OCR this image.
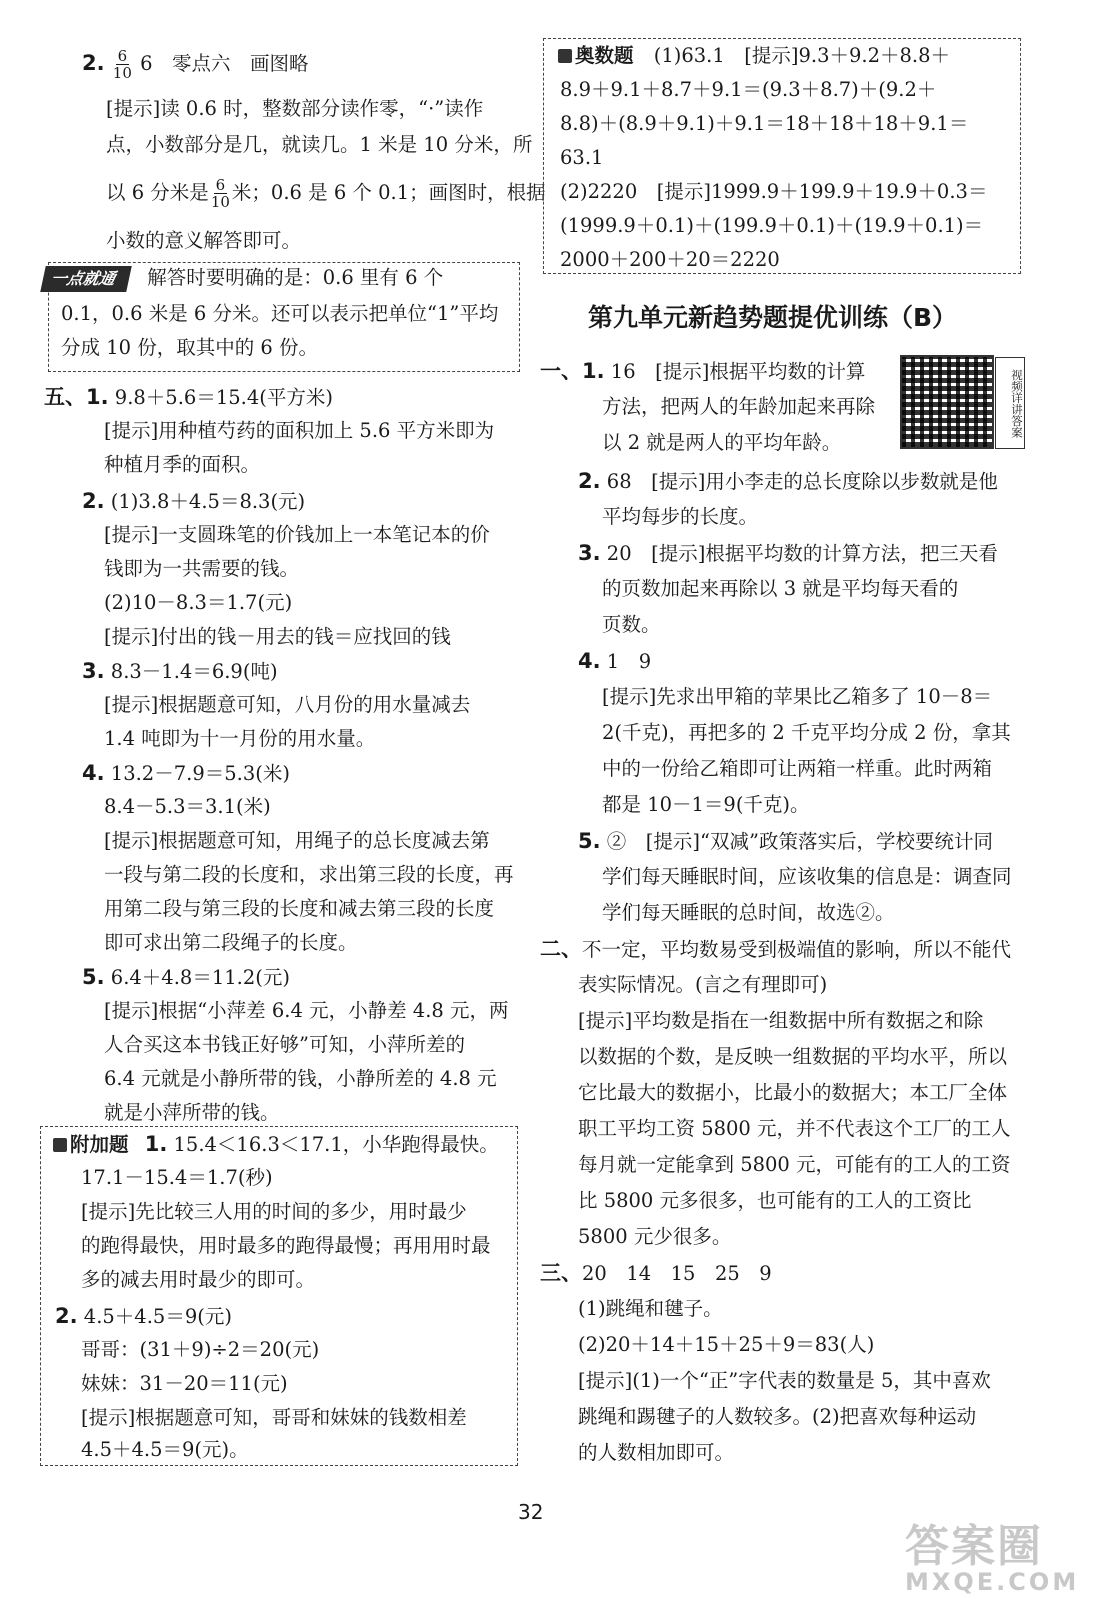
2. $\frac{6}{10} 6$　零点六　画图略
[提示]读 0.6 时，整数部分读作零，“·”读作
点，小数部分是几，就读几。1 米是 10 分米，所
以 6 分米是 $\frac{6}{10}$ 米；0.6 是 6 个 0.1；画图时，根据
小数的意义解答即可。
一点就通 解答时要明确的是：0.6 里有 6 个
0.1，0.6 米是 6 分米。还可以表示把单位“1”平均
分成 10 份，取其中的 6 份。
五、1. 9.8＋5.6＝15.4(平方米)
[提示]用种植芍药的面积加上 5.6 平方米即为
种植月季的面积。
2. (1)3.8＋4.5＝8.3(元)
[提示]一支圆珠笔的价钱加上一本笔记本的价
钱即为一共需要的钱。
(2)10－8.3＝1.7(元)
[提示]付出的钱－用去的钱＝应找回的钱
3. 8.3－1.4＝6.9(吨)
[提示]根据题意可知，八月份的用水量减去
1.4 吨即为十一月份的用水量。
4. 13.2－7.9＝5.3(米)
8.4－5.3＝3.1(米)
[提示]根据题意可知，用绳子的总长度减去第
一段与第二段的长度和，求出第三段的长度，再
用第二段与第三段的长度和减去第三段的长度
即可求出第二段绳子的长度。
5. 6.4＋4.8＝11.2(元)
[提示]根据“小萍差 6.4 元，小静差 4.8 元，两
人合买这本书钱正好够”可知，小萍所差的
6.4 元就是小静所带的钱，小静所差的 4.8 元
就是小萍所带的钱。
附加题 1. 15.4＜16.3＜17.1，小华跑得最快。
17.1－15.4＝1.7(秒)
[提示]先比较三人用的时间的多少，用时最少
的跑得最快，用时最多的跑得最慢；再用用时最
多的减去用时最少的即可。
2. 4.5＋4.5＝9(元)
哥哥：(31＋9)÷2＝20(元)
妹妹：31－20＝11(元)
[提示]根据题意可知，哥哥和妹妹的钱数相差
4.5＋4.5＝9(元)。
奥数题 (1)63.1　[提示]9.3＋9.2＋8.8＋
8.9＋9.1＋8.7＋9.1＝(9.3＋8.7)＋(9.2＋
8.8)＋(8.9＋9.1)＋9.1＝18＋18＋18＋9.1＝
63.1
(2)2220　[提示]1999.9＋199.9＋19.9＋0.3＝
(1999.9＋0.1)＋(199.9＋0.1)＋(19.9＋0.1)＝
2000＋200＋20＝2220
第九单元新趋势题提优训练（B）
视频详讲答案
一、1. 16　[提示]根据平均数的计算
方法，把两人的年龄加起来再除
以 2 就是两人的平均年龄。
2. 68　[提示]用小李走的总长度除以步数就是他
平均每步的长度。
3. 20　[提示]根据平均数的计算方法，把三天看
的页数加起来再除以 3 就是平均每天看的
页数。
4. 1　9
[提示]先求出甲箱的苹果比乙箱多了 10－8＝
2(千克)，再把多的 2 千克平均分成 2 份，拿其
中的一份给乙箱即可让两箱一样重。此时两箱
都是 10－1＝9(千克)。
5. ②　[提示]“双减”政策落实后，学校要统计同
学们每天睡眠时间，应该收集的信息是：调查同
学们每天睡眠的总时间，故选②。
二、不一定，平均数易受到极端值的影响，所以不能代
表实际情况。(言之有理即可)
[提示]平均数是指在一组数据中所有数据之和除
以数据的个数，是反映一组数据的平均水平，所以
它比最大的数据小，比最小的数据大；本工厂全体
职工平均工资 5800 元，并不代表这个工厂的工人
每月就一定能拿到 5800 元，可能有的工人的工资
比 5800 元多很多，也可能有的工人的工资比
5800 元少很多。
三、20　14　15　25　9
(1)跳绳和毽子。
(2)20＋14＋15＋25＋9＝83(人)
[提示](1)一个“正”字代表的数量是 5，其中喜欢
跳绳和踢毽子的人数较多。(2)把喜欢每种运动
的人数相加即可。
32
答案圈
MXQE.COM
